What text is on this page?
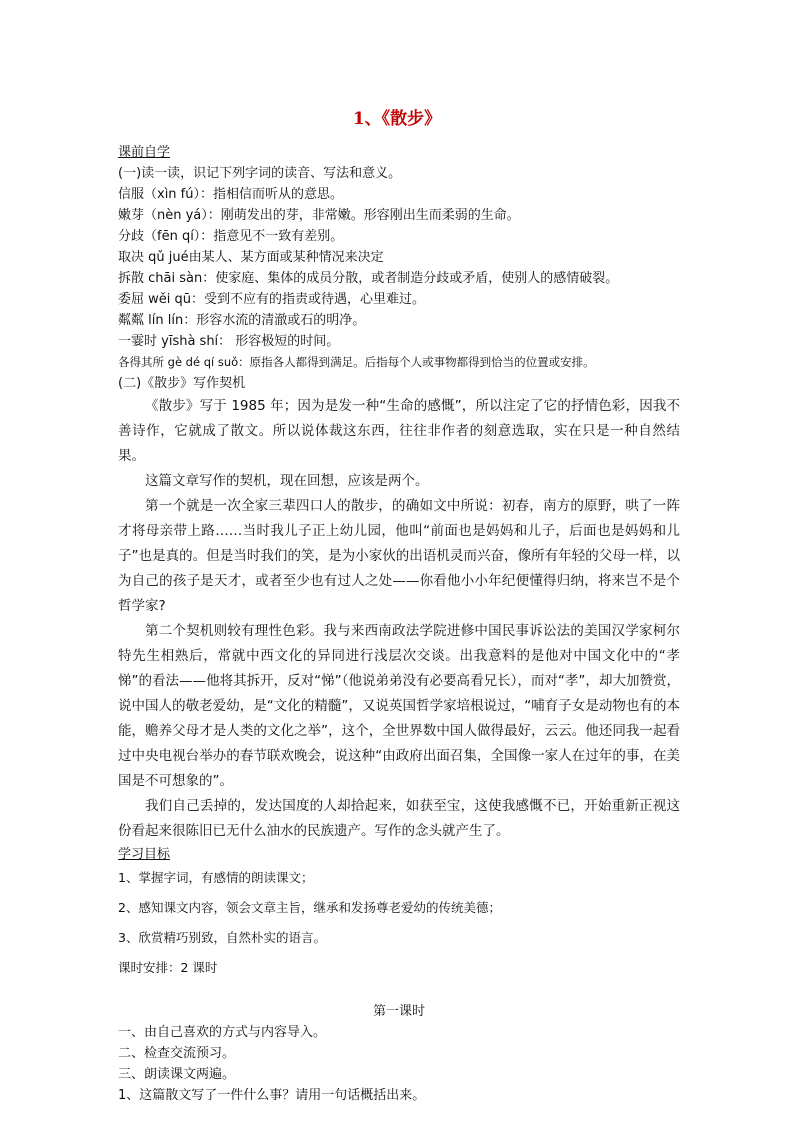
1、《散步》
课前自学
(一)读一读，识记下列字词的读音、写法和意义。
信服（xìn fú）：指相信而听从的意思。
嫩芽（nèn yá）：刚萌发出的芽，非常嫩。形容刚出生而柔弱的生命。
分歧（fēn qí）：指意见不一致有差别。
取决 qǔ jué由某人、某方面或某种情况来决定
拆散 chāi sàn：使家庭、集体的成员分散，或者制造分歧或矛盾，使别人的感情破裂。
委屈 wěi qū：受到不应有的指责或待遇，心里难过。
粼粼 lín lín：形容水流的清澈或石的明净。
一霎时 yīshà shí： 形容极短的时间。
各得其所 gè dé qí suǒ：原指各人都得到满足。后指每个人或事物都得到恰当的位置或安排。
(二)《散步》写作契机

《散步》写于 1985 年；因为是发一种“生命的感慨”，所以注定了它的抒情色彩，因我不善诗作，它就成了散文。所以说体裁这东西，往往非作者的刻意选取，实在只是一种自然结果。

这篇文章写作的契机，现在回想，应该是两个。

第一个就是一次全家三辈四口人的散步，的确如文中所说：初春，南方的原野，哄了一阵才将母亲带上路……当时我儿子正上幼儿园，他叫“前面也是妈妈和儿子，后面也是妈妈和儿子”也是真的。但是当时我们的笑，是为小家伙的出语机灵而兴奋，像所有年轻的父母一样，以为自己的孩子是天才，或者至少也有过人之处——你看他小小年纪便懂得归纳，将来岂不是个哲学家?

第二个契机则较有理性色彩。我与来西南政法学院进修中国民事诉讼法的美国汉学家柯尔特先生相熟后，常就中西文化的异同进行浅层次交谈。出我意料的是他对中国文化中的“孝悌”的看法——他将其拆开，反对“悌”（他说弟弟没有必要高看兄长），而对“孝”，却大加赞赏，说中国人的敬老爱幼，是“文化的精髓”，又说英国哲学家培根说过，“哺育子女是动物也有的本能，赡养父母才是人类的文化之举”，这个，全世界数中国人做得最好，云云。他还同我一起看过中央电视台举办的春节联欢晚会，说这种“由政府出面召集，全国像一家人在过年的事，在美国是不可想象的”。

我们自己丢掉的，发达国度的人却拾起来，如获至宝，这使我感慨不已，开始重新正视这份看起来很陈旧已无什么油水的民族遗产。写作的念头就产生了。

学习目标
1、掌握字词，有感情的朗读课文；
2、感知课文内容，领会文章主旨，继承和发扬尊老爱幼的传统美德；
3、欣赏精巧别致，自然朴实的语言。
课时安排：2 课时
第一课时
一、由自己喜欢的方式与内容导入。
二、检查交流预习。
三、朗读课文两遍。
1、这篇散文写了一件什么事？请用一句话概括出来。
